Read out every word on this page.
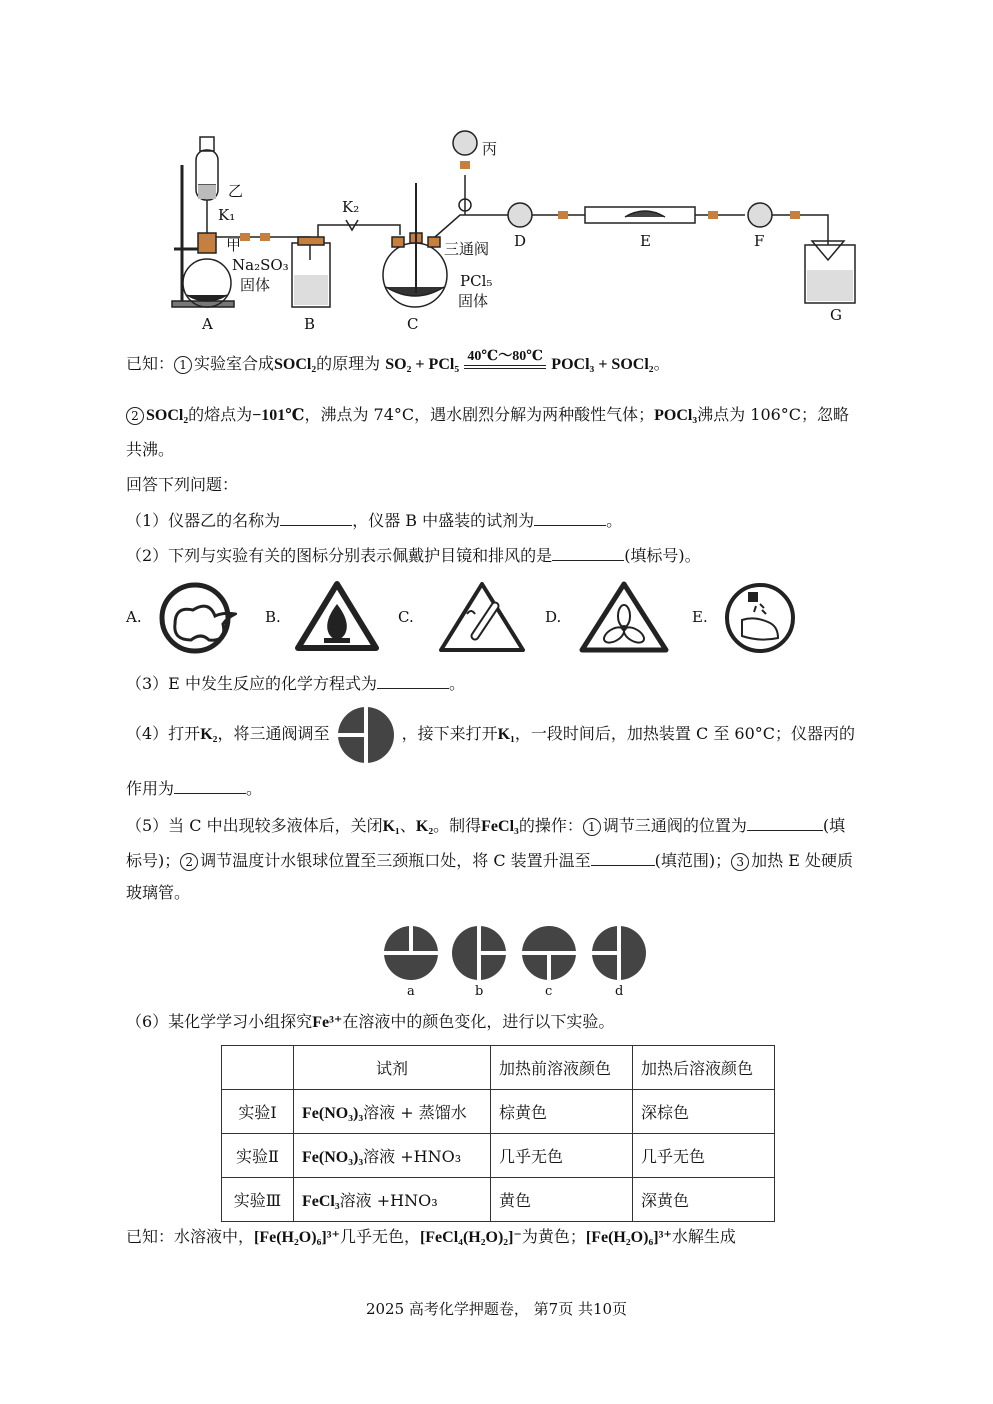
乙
K₁
甲
Na₂SO₃
固体
K₂
丙
三通阀
PCl₅
固体
A	B	C
D	E	F
G
已知： 1 实验室合成SOCl₂的原理为 SO₂ + PCl₅ 40℃～80℃ POCl₃ + SOCl₂。
2 SOCl₂的熔点为−101℃，沸点为 74°C，遇水剧烈分解为两种酸性气体；POCl₃沸点为 106°C；忽略
共沸。
回答下列问题：
（1）仪器乙的名称为	，仪器 B 中盛装的试剂为	。
（2）下列与实验有关的图标分别表示佩戴护目镜和排风的是	(填标号)。
A.	B.	C.	D.	E.
（3）E 中发生反应的化学方程式为	。
（4）打开K₂，将三通阀调至	，接下来打开K₁，一段时间后，加热装置 C 至 60°C；仪器丙的
作用为	。
（5）当 C 中出现较多液体后，关闭K₁、K₂。制得FeCl₃的操作： 1 调节三通阀的位置为	(填
标号)； 2 调节温度计水银球位置至三颈瓶口处，将 C 装置升温至	(填范围)； 3 加热 E 处硬质
玻璃管。
a	b	c	d
（6）某化学学习小组探究Fe³⁺在溶液中的颜色变化，进行以下实验。
	试剂	加热前溶液颜色	加热后溶液颜色
实验Ⅰ	Fe(NO₃)₃溶液 + 蒸馏水	棕黄色	深棕色
实验Ⅱ	Fe(NO₃)₃溶液 +HNO₃	几乎无色	几乎无色
实验Ⅲ	FeCl₃溶液 +HNO₃	黄色	深黄色
已知：水溶液中，[Fe(H₂O)₆]³⁺几乎无色，[FeCl₄(H₂O)₂]⁻为黄色；[Fe(H₂O)₆]³⁺水解生成
2025 高考化学押题卷， 第7页 共10页
